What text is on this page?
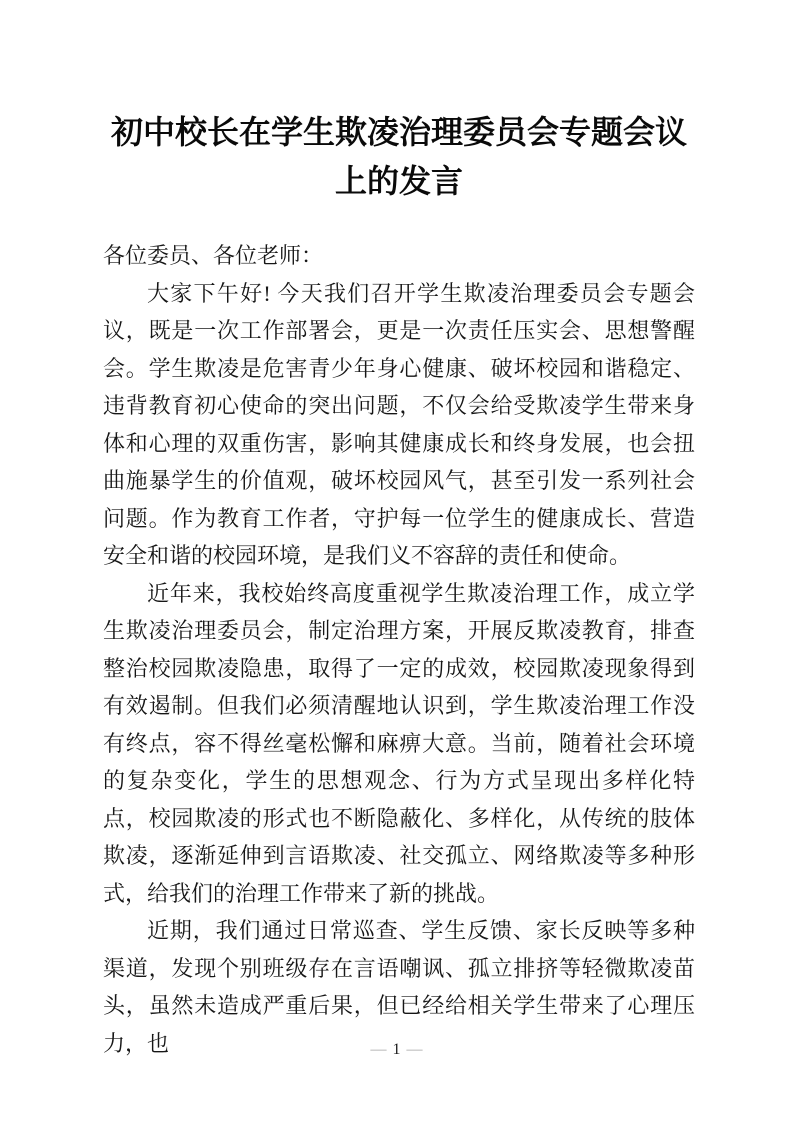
初中校长在学生欺凌治理委员会专题会议
上的发言

各位委员、各位老师：

大家下午好! 今天我们召开学生欺凌治理委员会专题会议，既是一次工作部署会，更是一次责任压实会、思想警醒会。学生欺凌是危害青少年身心健康、破坏校园和谐稳定、违背教育初心使命的突出问题，不仅会给受欺凌学生带来身体和心理的双重伤害，影响其健康成长和终身发展，也会扭曲施暴学生的价值观，破坏校园风气，甚至引发一系列社会问题。作为教育工作者，守护每一位学生的健康成长、营造安全和谐的校园环境，是我们义不容辞的责任和使命。

近年来，我校始终高度重视学生欺凌治理工作，成立学生欺凌治理委员会，制定治理方案，开展反欺凌教育，排查整治校园欺凌隐患，取得了一定的成效，校园欺凌现象得到有效遏制。但我们必须清醒地认识到，学生欺凌治理工作没有终点，容不得丝毫松懈和麻痹大意。当前，随着社会环境的复杂变化，学生的思想观念、行为方式呈现出多样化特点，校园欺凌的形式也不断隐蔽化、多样化，从传统的肢体欺凌，逐渐延伸到言语欺凌、社交孤立、网络欺凌等多种形式，给我们的治理工作带来了新的挑战。

近期，我们通过日常巡查、学生反馈、家长反映等多种渠道，发现个别班级存在言语嘲讽、孤立排挤等轻微欺凌苗头，虽然未造成严重后果，但已经给相关学生带来了心理压力，也	— 1 —
